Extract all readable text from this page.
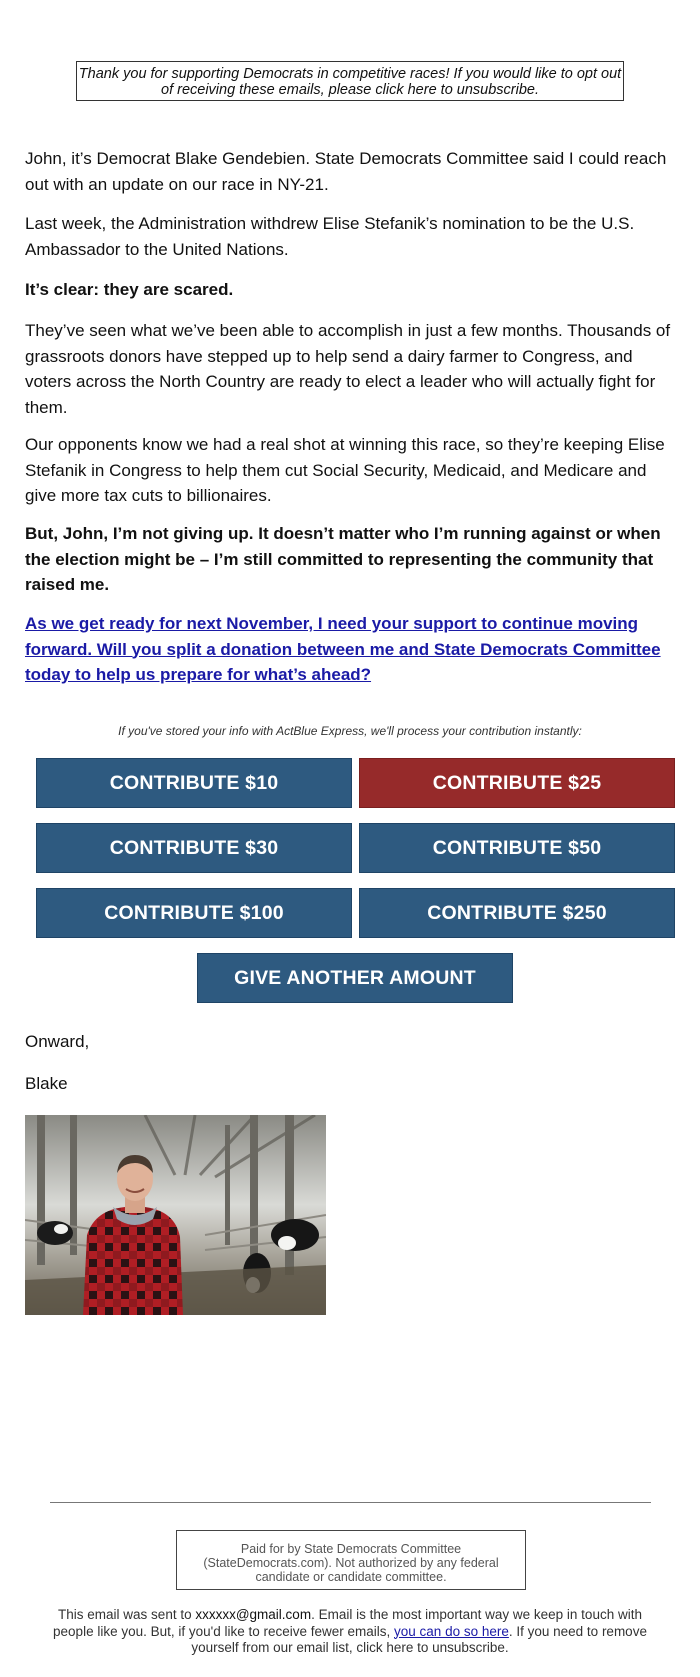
Thank you for supporting Democrats in competitive races! If you would like to opt out of receiving these emails, please click here to unsubscribe.

John, it’s Democrat Blake Gendebien. State Democrats Committee said I could reach out with an update on our race in NY-21.

Last week, the Administration withdrew Elise Stefanik’s nomination to be the U.S. Ambassador to the United Nations.

It’s clear: they are scared.

They’ve seen what we’ve been able to accomplish in just a few months. Thousands of grassroots donors have stepped up to help send a dairy farmer to Congress, and voters across the North Country are ready to elect a leader who will actually fight for them.

Our opponents know we had a real shot at winning this race, so they’re keeping Elise Stefanik in Congress to help them cut Social Security, Medicaid, and Medicare and give more tax cuts to billionaires.

But, John, I’m not giving up. It doesn’t matter who I’m running against or when the election might be – I’m still committed to representing the community that raised me.

As we get ready for next November, I need your support to continue moving forward. Will you split a donation between me and State Democrats Committee today to help us prepare for what’s ahead?

If you've stored your info with ActBlue Express, we'll process your contribution instantly:
CONTRIBUTE $10	CONTRIBUTE $25
CONTRIBUTE $30	CONTRIBUTE $50
CONTRIBUTE $100	CONTRIBUTE $250
GIVE ANOTHER AMOUNT

Onward,

Blake

Paid for by State Democrats Committee (StateDemocrats.com). Not authorized by any federal candidate or candidate committee.

This email was sent to xxxxxx@gmail.com. Email is the most important way we keep in touch with people like you. But, if you'd like to receive fewer emails, you can do so here. If you need to remove yourself from our email list, click here to unsubscribe.
